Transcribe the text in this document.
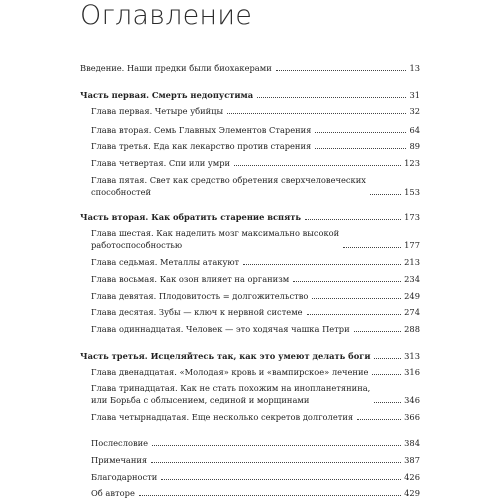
Оглавление
Введение. Наши предки были биохакерами	13
Часть первая. Смерть недопустима	31
Глава первая. Четыре убийцы	32
Глава вторая. Семь Главных Элементов Старения	64
Глава третья. Еда как лекарство против старения	89
Глава четвертая. Спи или умри	123
Глава пятая. Свет как средство обретения сверхчеловеческих
способностей	153
Часть вторая. Как обратить старение вспять	173
Глава шестая. Как наделить мозг максимально высокой
работоспособностью	177
Глава седьмая. Металлы атакуют	213
Глава восьмая. Как озон влияет на организм	234
Глава девятая. Плодовитость = долгожительство	249
Глава десятая. Зубы — ключ к нервной системе	274
Глава одиннадцатая. Человек — это ходячая чашка Петри	288
Часть третья. Исцеляйтесь так, как это умеют делать боги	313
Глава двенадцатая. «Молодая» кровь и «вампирское» лечение	316
Глава тринадцатая. Как не стать похожим на инопланетянина,
или Борьба с облысением, сединой и морщинами	346
Глава четырнадцатая. Еще несколько секретов долголетия	366
Послесловие	384
Примечания	387
Благодарности	426
Об авторе	429
